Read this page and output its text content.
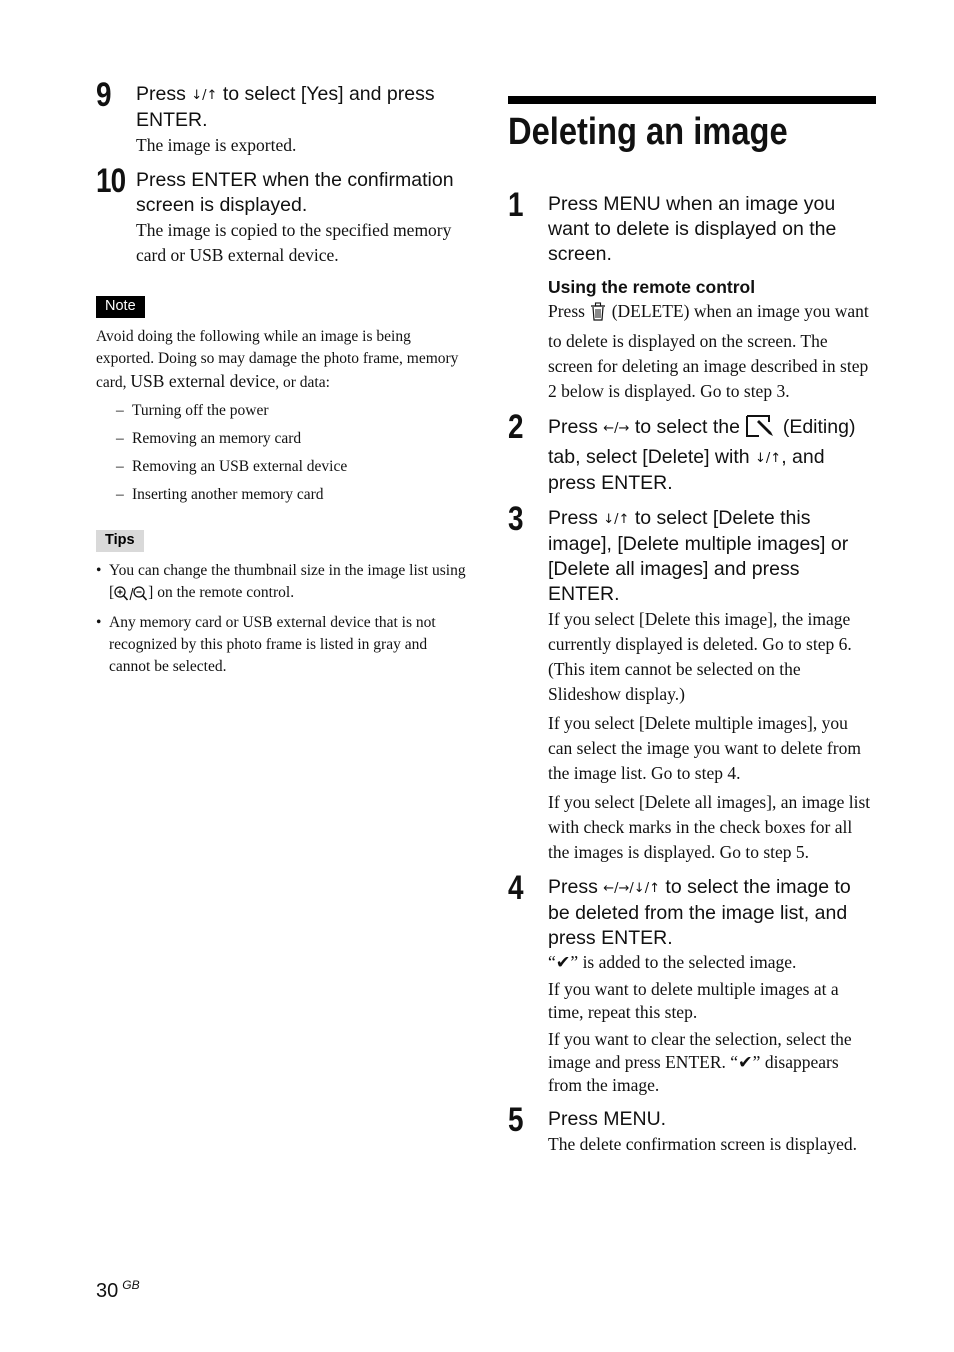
9 Press ↓/↑ to select [Yes] and press ENTER.
The image is exported.
10 Press ENTER when the confirmation screen is displayed.
The image is copied to the specified memory card or USB external device.
Note
Avoid doing the following while an image is being exported. Doing so may damage the photo frame, memory card, USB external device, or data:
– Turning off the power
– Removing an memory card
– Removing an USB external device
– Inserting another memory card
Tips
• You can change the thumbnail size in the image list using [ ] on the remote control.
• Any memory card or USB external device that is not recognized by this photo frame is listed in gray and cannot be selected.
Deleting an image
1 Press MENU when an image you want to delete is displayed on the screen.
Using the remote control
Press  (DELETE) when an image you want to delete is displayed on the screen. The screen for deleting an image described in step 2 below is displayed. Go to step 3.
2 Press ←/→ to select the  (Editing) tab, select [Delete] with ↓/↑, and press ENTER.
3 Press ↓/↑ to select [Delete this image], [Delete multiple images] or [Delete all images] and press ENTER.

If you select [Delete this image], the image currently displayed is deleted. Go to step 6. (This item cannot be selected on the Slideshow display.)

If you select [Delete multiple images], you can select the image you want to delete from the image list. Go to step 4.

If you select [Delete all images], an image list with check marks in the check boxes for all the images is displayed. Go to step 5.

4 Press ←/→/↓/↑ to select the image to be deleted from the image list, and press ENTER.

“✔” is added to the selected image.

If you want to delete multiple images at a time, repeat this step.

If you want to clear the selection, select the image and press ENTER. “✔” disappears from the image.

5 Press MENU.
The delete confirmation screen is displayed.
30 $^{GB}$
